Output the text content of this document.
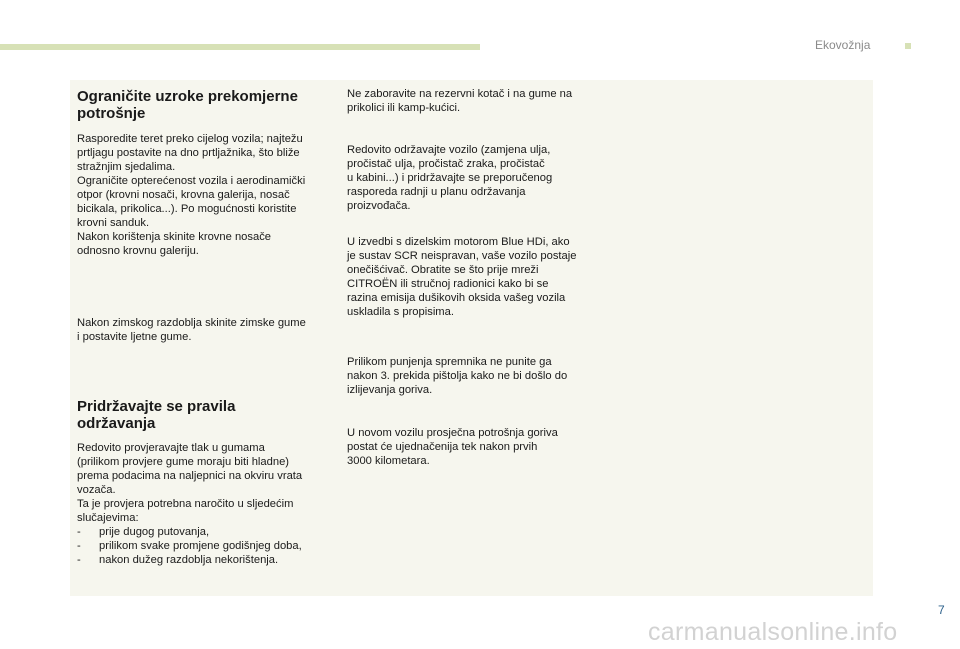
Ekovožnja
Ograničite uzroke prekomjerne
potrošnje

Rasporedite teret preko cijelog vozila; najtežu
prtljagu postavite na dno prtljažnika, što bliže
stražnjim sjedalima.
Ograničite opterećenost vozila i aerodinamički
otpor (krovni nosači, krovna galerija, nosač
bicikala, prikolica...). Po mogućnosti koristite
krovni sanduk.
Nakon korištenja skinite krovne nosače
odnosno krovnu galeriju.

Nakon zimskog razdoblja skinite zimske gume
i postavite ljetne gume.

Pridržavajte se pravila
održavanja

Redovito provjeravajte tlak u gumama
(prilikom provjere gume moraju biti hladne)
prema podacima na naljepnici na okviru vrata
vozača.
Ta je provjera potrebna naročito u sljedećim
slučajevima:

-	prije dugog putovanja,
-	prilikom svake promjene godišnjeg doba,
-	nakon dužeg razdoblja nekorištenja.

Ne zaboravite na rezervni kotač i na gume na
prikolici ili kamp-kućici.

Redovito održavajte vozilo (zamjena ulja,
pročistač ulja, pročistač zraka, pročistač
u kabini...) i pridržavajte se preporučenog
rasporeda radnji u planu održavanja
proizvođača.

U izvedbi s dizelskim motorom Blue HDi, ako
je sustav SCR neispravan, vaše vozilo postaje
onečišćivač. Obratite se što prije mreži
CITROËN ili stručnoj radionici kako bi se
razina emisija dušikovih oksida vašeg vozila
uskladila s propisima.

Prilikom punjenja spremnika ne punite ga
nakon 3. prekida pištolja kako ne bi došlo do
izlijevanja goriva.

U novom vozilu prosječna potrošnja goriva
postat će ujednačenija tek nakon prvih
3000 kilometara.

7
carmanualsonline.info
